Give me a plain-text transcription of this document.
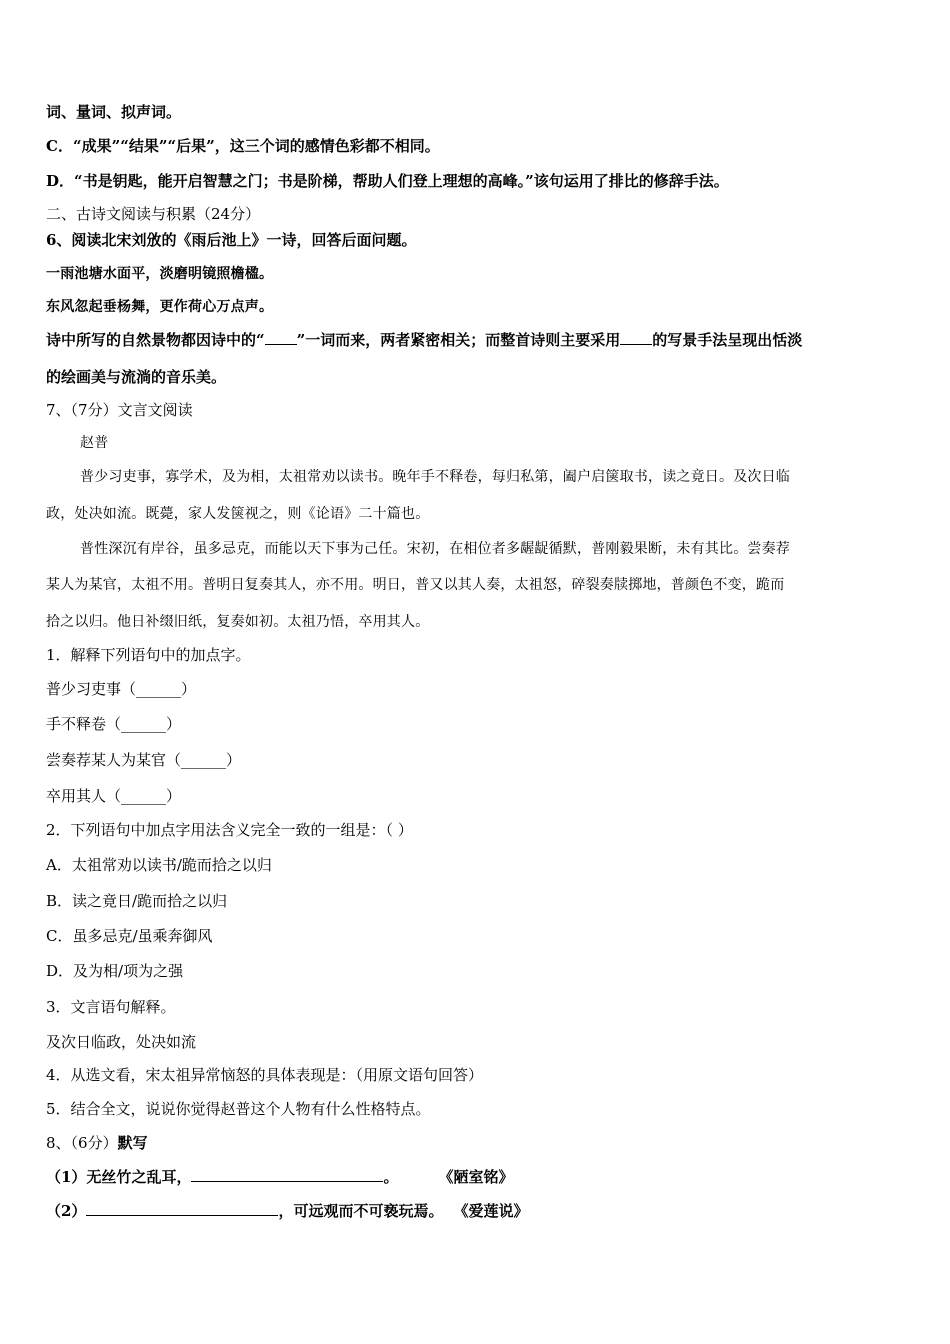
词、量词、拟声词。
C．“成果”“结果”“后果”，这三个词的感情色彩都不相同。
D．“书是钥匙，能开启智慧之门；书是阶梯，帮助人们登上理想的高峰。”该句运用了排比的修辞手法。
二、古诗文阅读与积累（24分）
6、阅读北宋刘攽的《雨后池上》一诗，回答后面问题。
一雨池塘水面平，淡磨明镜照檐楹。
东风忽起垂杨舞，更作荷心万点声。
诗中所写的自然景物都因诗中的“ ”一词而来，两者紧密相关；而整首诗则主要采用 的写景手法呈现出恬淡
的绘画美与流淌的音乐美。
7、（7分）文言文阅读
赵普
普少习吏事，寡学术，及为相，太祖常劝以读书。晚年手不释卷，每归私第，阖户启箧取书，读之竟日。及次日临
政，处决如流。既薨，家人发箧视之，则《论语》二十篇也。
普性深沉有岸谷，虽多忌克，而能以天下事为己任。宋初，在相位者多龌龊循默，普刚毅果断，未有其比。尝奏荐
某人为某官，太祖不用。普明日复奏其人，亦不用。明日，普又以其人奏，太祖怒，碎裂奏牍掷地，普颜色不变，跪而
拾之以归。他日补缀旧纸，复奏如初。太祖乃悟，卒用其人。
1．解释下列语句中的加点字。
普少习吏事（______）
手不释卷（______）
尝奏荐某人为某官（______）
卒用其人（______）
2．下列语句中加点字用法含义完全一致的一组是：（ ）
A．太祖常劝以读书/跪而拾之以归
B．读之竟日/跪而拾之以归
C．虽多忌克/虽乘奔御风
D．及为相/项为之强
3．文言语句解释。
及次日临政，处决如流
4．从选文看，宋太祖异常恼怒的具体表现是：（用原文语句回答）
5．结合全文，说说你觉得赵普这个人物有什么性格特点。
8、（6分）默写
（1）无丝竹之乱耳，	。	《陋室铭》
（2）	，可远观而不可亵玩焉。 《爱莲说》
